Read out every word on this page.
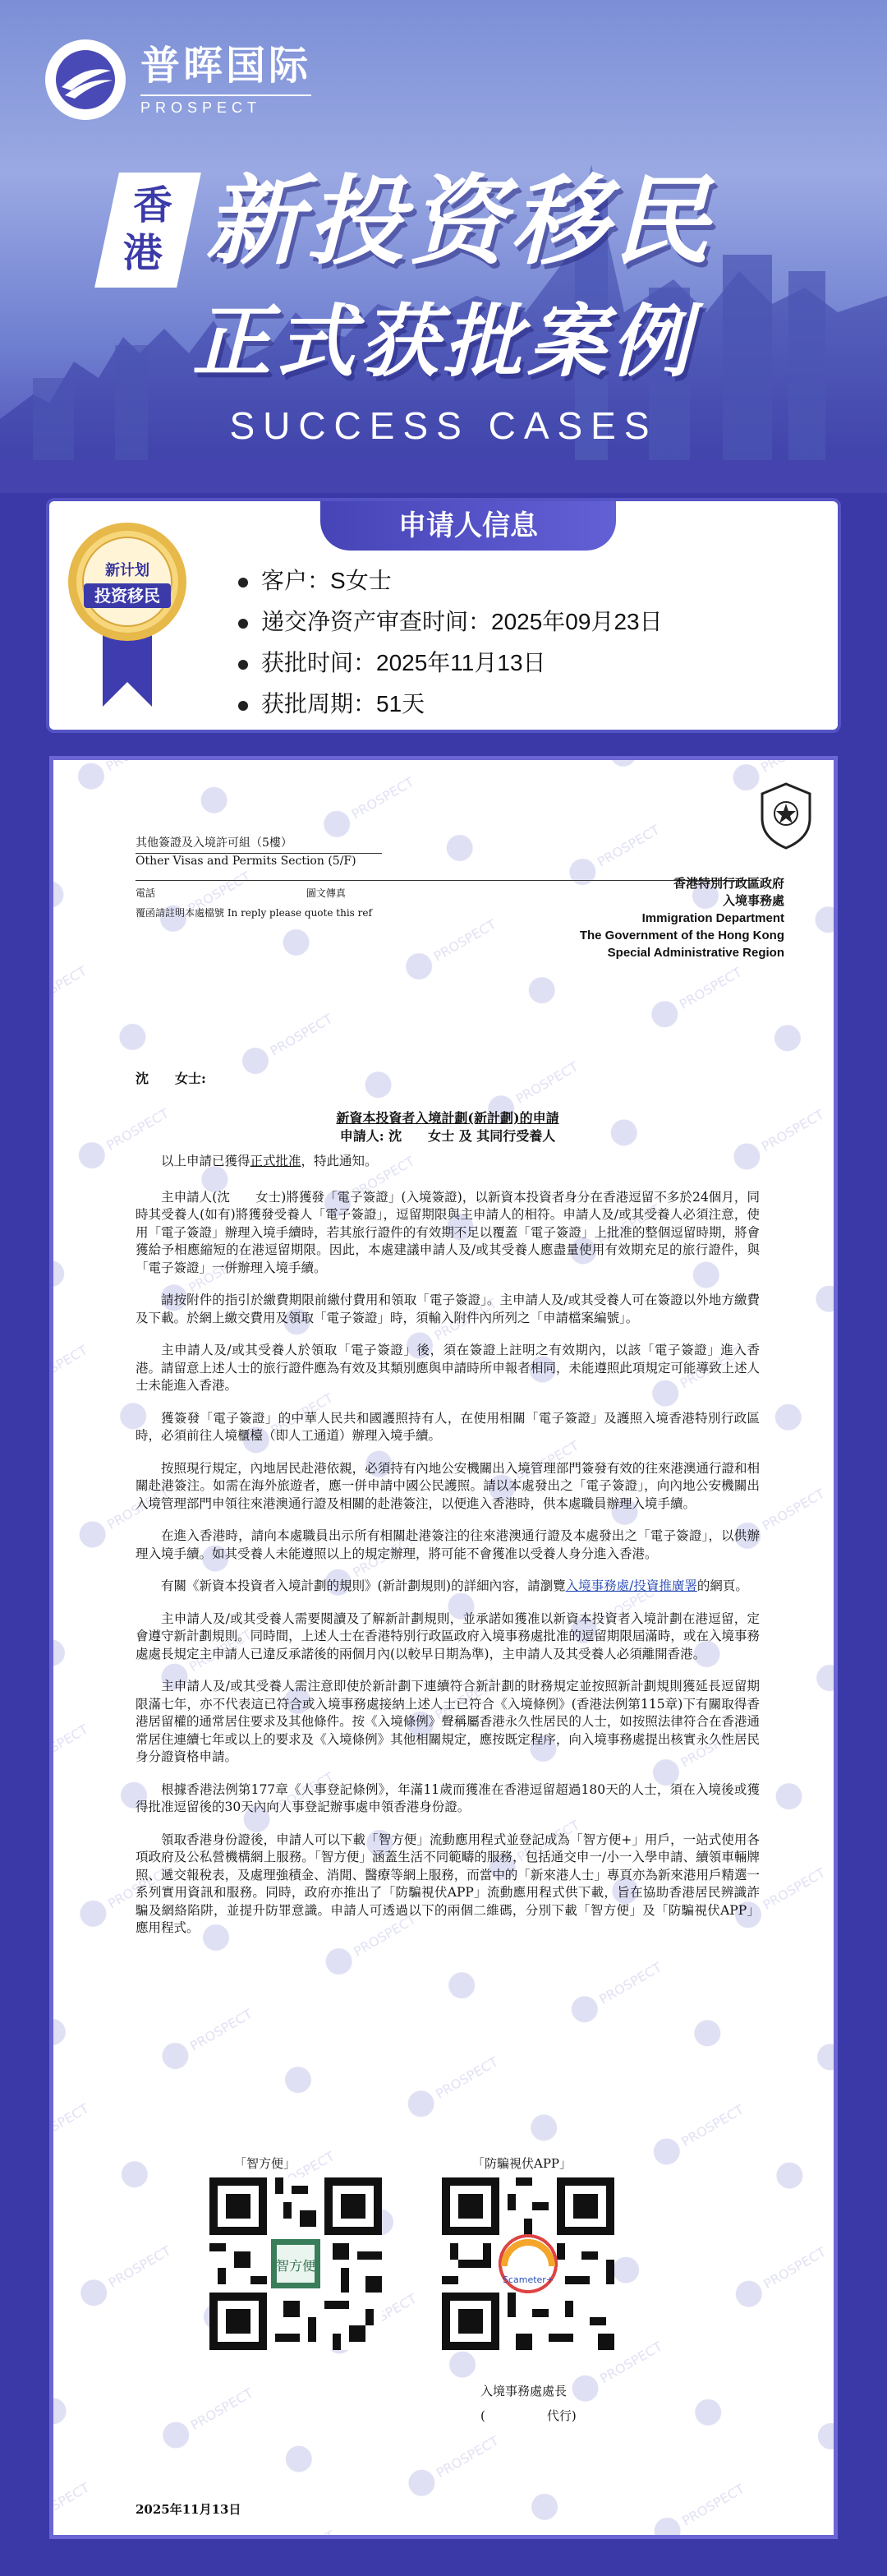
普晖国际
PROSPECT
香
港 新投资移民
正式获批案例
SUCCESS CASES
申请人信息
新计划
投资移民
客户：S女士
递交净资产审查时间：2025年09月23日
获批时间：2025年11月13日
获批周期：51天
其他簽證及入境許可組（5樓）
Other Visas and Permits Section (5/F)
電話	圖文傳真
覆函請註明本處檔號 In reply please quote this ref
香港特別行政區政府
入境事務處
Immigration Department
The Government of the Hong Kong
Special Administrative Region
沈　　女士:
新資本投資者入境計劃(新計劃)的申請
申請人: 沈　　女士 及 其同行受養人

以上申請已獲得正式批准，特此通知。

主申請人(沈　　女士)將獲發「電子簽證」(入境簽證)，以新資本投資者身分在香港逗留不多於24個月，同時其受養人(如有)將獲發受養人「電子簽證」，逗留期限與主申請人的相符。申請人及/或其受養人必須注意，使用「電子簽證」辦理入境手續時，若其旅行證件的有效期不足以覆蓋「電子簽證」上批准的整個逗留時期，將會獲給予相應縮短的在港逗留期限。因此，本處建議申請人及/或其受養人應盡量使用有效期充足的旅行證件，與「電子簽證」一併辦理入境手續。

請按附件的指引於繳費期限前繳付費用和領取「電子簽證」。主申請人及/或其受養人可在簽證以外地方繳費及下載。於網上繳交費用及領取「電子簽證」時，須輸入附件內所列之「申請檔案編號」。

主申請人及/或其受養人於領取「電子簽證」後，須在簽證上註明之有效期內，以該「電子簽證」進入香港。請留意上述人士的旅行證件應為有效及其類別應與申請時所申報者相同，未能遵照此項規定可能導致上述人士未能進入香港。

獲簽發「電子簽證」的中華人民共和國護照持有人，在使用相關「電子簽證」及護照入境香港特別行政區時，必須前往人境櫃檯（即人工通道）辦理入境手續。

按照現行規定，內地居民赴港依親，必須持有內地公安機關出入境管理部門簽發有效的往來港澳通行證和相關赴港簽注。如需在海外旅遊者，應一併申請中國公民護照。請以本處發出之「電子簽證」，向內地公安機關出入境管理部門申領往來港澳通行證及相關的赴港簽注，以便進入香港時，供本處職員辦理入境手續。

在進入香港時，請向本處職員出示所有相關赴港簽注的往來港澳通行證及本處發出之「電子簽證」，以供辦理入境手續。如其受養人未能遵照以上的規定辦理，將可能不會獲准以受養人身分進入香港。

有關《新資本投資者入境計劃的規則》(新計劃規則)的詳細內容，請瀏覽入境事務處/投資推廣署的網頁。

主申請人及/或其受養人需要閱讀及了解新計劃規則，並承諾如獲准以新資本投資者入境計劃在港逗留，定會遵守新計劃規則。同時間，上述人士在香港特別行政區政府入境事務處批准的逗留期限屆滿時，或在入境事務處處長規定主申請人已違反承諾後的兩個月內(以較早日期為準)，主申請人及其受養人必須離開香港。

主申請人及/或其受養人需注意即使於新計劃下連續符合新計劃的財務規定並按照新計劃規則獲延長逗留期限滿七年，亦不代表這已符合或入境事務處接納上述人士已符合《入境條例》(香港法例第115章)下有關取得香港居留權的通常居住要求及其他條件。按《入境條例》聲稱屬香港永久性居民的人士，如按照法律符合在香港通常居住連續七年或以上的要求及《入境條例》其他相關規定，應按既定程序，向入境事務處提出核實永久性居民身分證資格申請。

根據香港法例第177章《人事登記條例》，年滿11歲而獲准在香港逗留超過180天的人士，須在入境後或獲得批准逗留後的30天內向人事登記辦事處申領香港身份證。

領取香港身份證後，申請人可以下載「智方便」流動應用程式並登記成為「智方便+」用戶，一站式使用各項政府及公私營機構網上服務。「智方便」涵蓋生活不同範疇的服務，包括通交申一/小一入學申請、續領車輛牌照、遞交報稅表，及處理強積金、消閒、醫療等網上服務，而當中的「新來港人士」專頁亦為新來港用戶精選一系列實用資訊和服務。同時，政府亦推出了「防騙視伏APP」流動應用程式供下載，旨在協助香港居民辨識詐騙及網絡陷阱，並提升防罪意識。申請人可透過以下的兩個二維碼，分別下載「智方便」及「防騙視伏APP」應用程式。

「智方便」	「防騙視伏APP」
智方便
Scameter+
入境事務處處長
(　　　　　代行)
2025年11月13日
